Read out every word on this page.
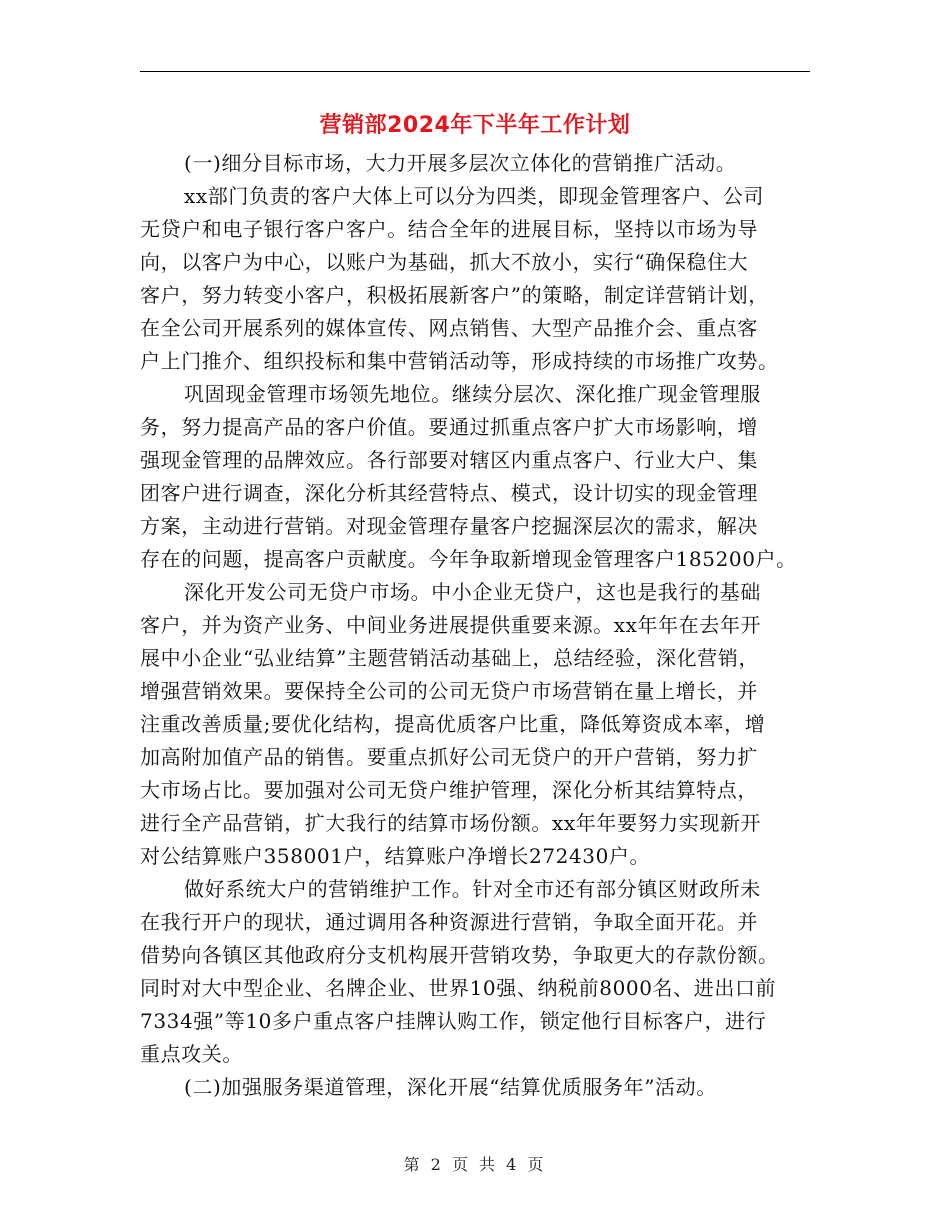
营销部2024年下半年工作计划

(一)细分目标市场，大力开展多层次立体化的营销推广活动。

xx部门负责的客户大体上可以分为四类，即现金管理客户、公司
无贷户和电子银行客户客户。结合全年的进展目标，坚持以市场为导
向，以客户为中心，以账户为基础，抓大不放小，实行“确保稳住大
客户，努力转变小客户，积极拓展新客户”的策略，制定详营销计划，
在全公司开展系列的媒体宣传、网点销售、大型产品推介会、重点客
户上门推介、组织投标和集中营销活动等，形成持续的市场推广攻势。

巩固现金管理市场领先地位。继续分层次、深化推广现金管理服
务，努力提高产品的客户价值。要通过抓重点客户扩大市场影响，增
强现金管理的品牌效应。各行部要对辖区内重点客户、行业大户、集
团客户进行调查，深化分析其经营特点、模式，设计切实的现金管理
方案，主动进行营销。对现金管理存量客户挖掘深层次的需求，解决
存在的问题，提高客户贡献度。今年争取新增现金管理客户185200户。

深化开发公司无贷户市场。中小企业无贷户，这也是我行的基础
客户，并为资产业务、中间业务进展提供重要来源。xx年年在去年开
展中小企业“弘业结算”主题营销活动基础上，总结经验，深化营销，
增强营销效果。要保持全公司的公司无贷户市场营销在量上增长，并
注重改善质量;要优化结构，提高优质客户比重，降低筹资成本率，增
加高附加值产品的销售。要重点抓好公司无贷户的开户营销，努力扩
大市场占比。要加强对公司无贷户维护管理，深化分析其结算特点，
进行全产品营销，扩大我行的结算市场份额。xx年年要努力实现新开
对公结算账户358001户，结算账户净增长272430户。

做好系统大户的营销维护工作。针对全市还有部分镇区财政所未
在我行开户的现状，通过调用各种资源进行营销，争取全面开花。并
借势向各镇区其他政府分支机构展开营销攻势，争取更大的存款份额。
同时对大中型企业、名牌企业、世界10强、纳税前8000名、进出口前
7334强”等10多户重点客户挂牌认购工作，锁定他行目标客户，进行
重点攻关。

(二)加强服务渠道管理，深化开展“结算优质服务年”活动。

第 2 页 共 4 页
